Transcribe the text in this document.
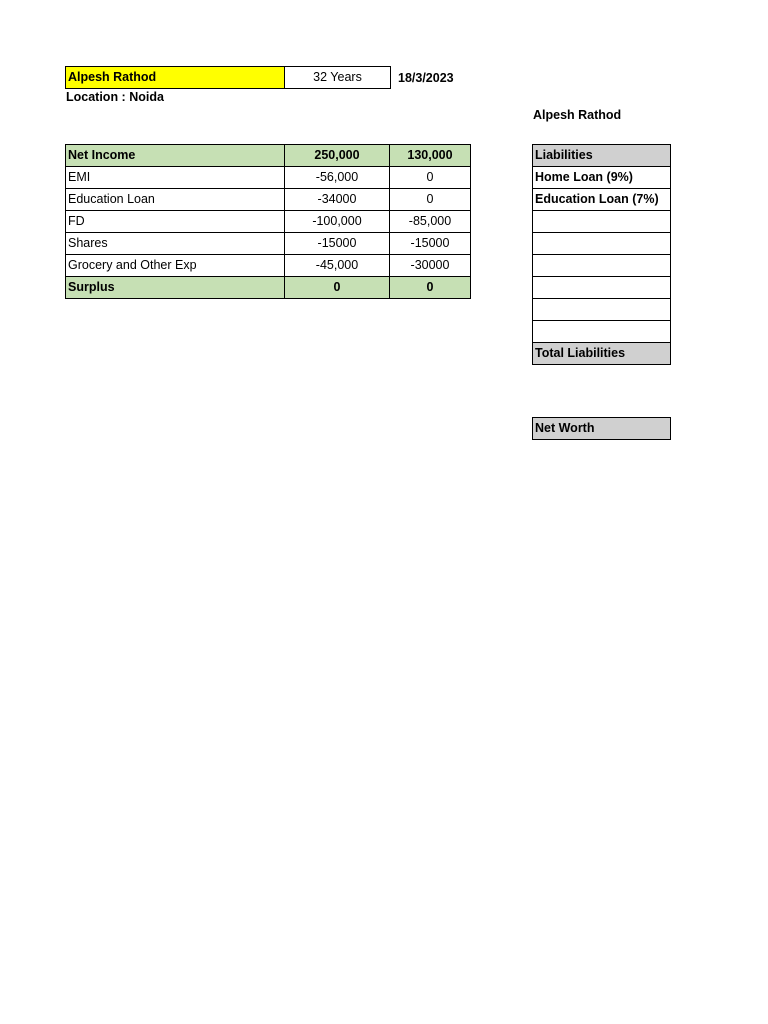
Alpesh Rathod	32 Years	18/3/2023
Location : Noida
Net Income	250,000	130,000
EMI	-56,000	0
Education Loan	-34000	0
FD	-100,000	-85,000
Shares	-15000	-15000
Grocery and Other Exp	-45,000	-30000
Surplus	0	0
Alpesh Rathod
Liabilities
Home Loan (9%)
Education Loan (7%)

Total Liabilities
Net Worth
